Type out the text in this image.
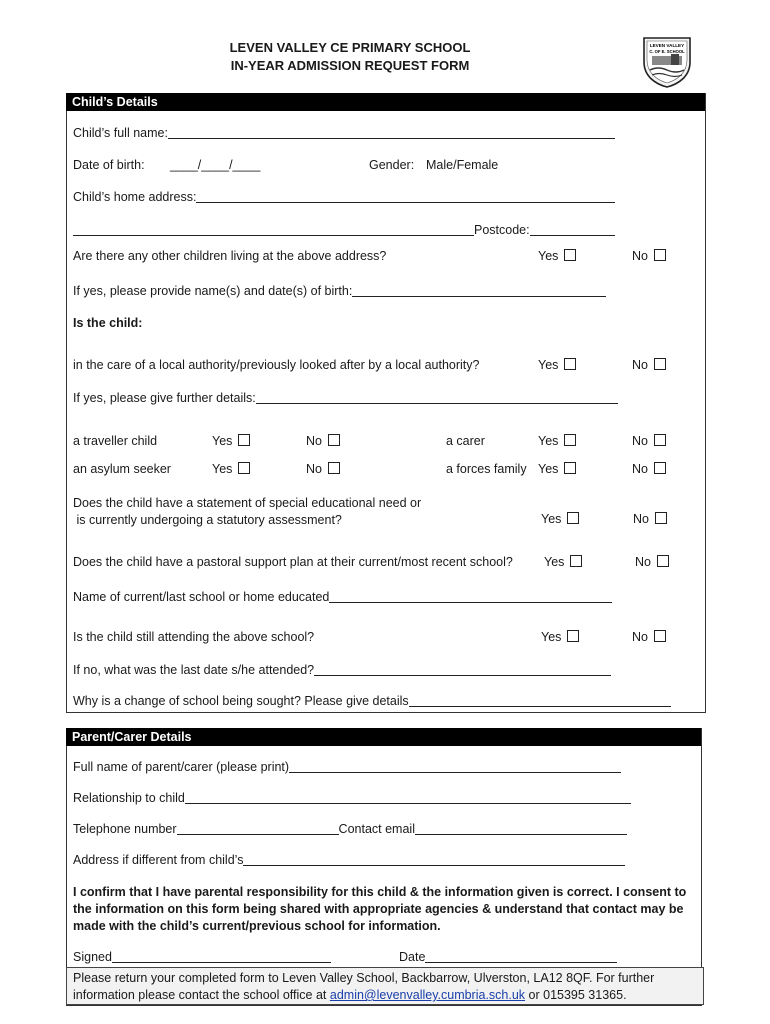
LEVEN VALLEY CE PRIMARY SCHOOL
IN-YEAR ADMISSION REQUEST FORM
LEVEN VALLEY
C. OF E. SCHOOL
Child’s Details
Child’s full name:
Date of birth: ____/____/____	Gender: Male/Female
Child’s home address:
Postcode:
Are there any other children living at the above address?	Yes	No
If yes, please provide name(s) and date(s) of birth:
Is the child:
in the care of a local authority/previously looked after by a local authority?	Yes	No
If yes, please give further details:
a traveller child	Yes	No	a carer	Yes	No
an asylum seeker	Yes	No	a forces family Yes	No
Does the child have a statement of special educational need or
is currently undergoing a statutory assessment?	Yes	No
Does the child have a pastoral support plan at their current/most recent school? Yes	No
Name of current/last school or home educated
Is the child still attending the above school?	Yes	No
If no, what was the last date s/he attended?
Why is a change of school being sought? Please give details
Parent/Carer Details
Full name of parent/carer (please print)
Relationship to child
Telephone number	Contact email
Address if different from child’s
I confirm that I have parental responsibility for this child & the information given is correct. I consent to the information on this form being shared with appropriate agencies & understand that contact may be made with the child’s current/previous school for information.
Signed	Date
Please return your completed form to Leven Valley School, Backbarrow, Ulverston, LA12 8QF. For further
information please contact the school office at admin@levenvalley.cumbria.sch.uk or 015395 31365.
